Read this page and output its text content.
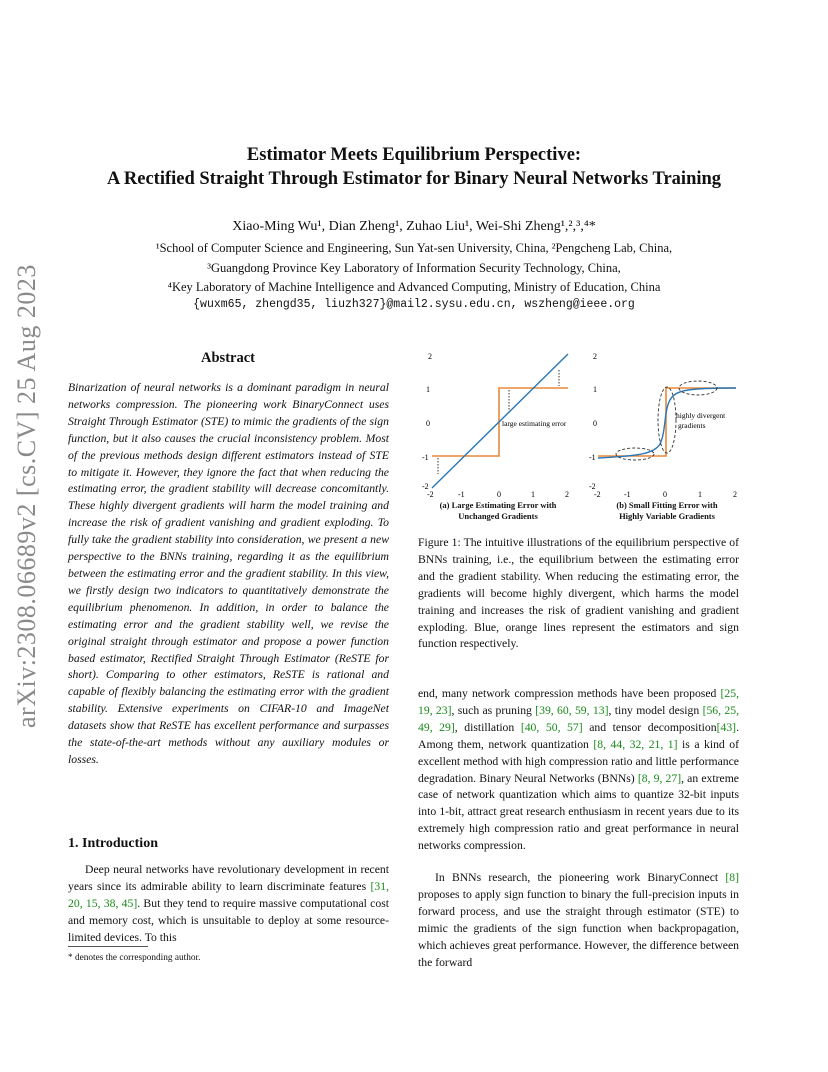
arXiv:2308.06689v2 [cs.CV] 25 Aug 2023
Estimator Meets Equilibrium Perspective:
A Rectified Straight Through Estimator for Binary Neural Networks Training
Xiao-Ming Wu¹, Dian Zheng¹, Zuhao Liu¹, Wei-Shi Zheng¹,²,³,⁴*
¹School of Computer Science and Engineering, Sun Yat-sen University, China, ²Pengcheng Lab, China,
³Guangdong Province Key Laboratory of Information Security Technology, China,
⁴Key Laboratory of Machine Intelligence and Advanced Computing, Ministry of Education, China
{wuxm65, zhengd35, liuzh327}@mail2.sysu.edu.cn, wszheng@ieee.org
Abstract
Binarization of neural networks is a dominant paradigm in neural networks compression. The pioneering work BinaryConnect uses Straight Through Estimator (STE) to mimic the gradients of the sign function, but it also causes the crucial inconsistency problem. Most of the previous methods design different estimators instead of STE to mitigate it. However, they ignore the fact that when reducing the estimating error, the gradient stability will decrease concomitantly. These highly divergent gradients will harm the model training and increase the risk of gradient vanishing and gradient exploding. To fully take the gradient stability into consideration, we present a new perspective to the BNNs training, regarding it as the equilibrium between the estimating error and the gradient stability. In this view, we firstly design two indicators to quantitatively demonstrate the equilibrium phenomenon. In addition, in order to balance the estimating error and the gradient stability well, we revise the original straight through estimator and propose a power function based estimator, Rectified Straight Through Estimator (ReSTE for short). Comparing to other estimators, ReSTE is rational and capable of flexibly balancing the estimating error with the gradient stability. Extensive experiments on CIFAR-10 and ImageNet datasets show that ReSTE has excellent performance and surpasses the state-of-the-art methods without any auxiliary modules or losses.
1. Introduction

Deep neural networks have revolutionary development in recent years since its admirable ability to learn discriminate features [31, 20, 15, 38, 45]. But they tend to require massive computational cost and memory cost, which is unsuitable to deploy at some resource-limited devices. To this

* denotes the corresponding author.
2
1
0
-1
-2
large estimating error
-2	-1	0	1	2
2
1
0
-1
-2
highly divergent
gradients
-2	-1	0	1	2
(a) Large Estimating Error with
Unchanged Gradients
(b) Small Fitting Error with
Highly Variable Gradients

Figure 1: The intuitive illustrations of the equilibrium perspective of BNNs training, i.e., the equilibrium between the estimating error and the gradient stability. When reducing the estimating error, the gradients will become highly divergent, which harms the model training and increases the risk of gradient vanishing and gradient exploding. Blue, orange lines represent the estimators and sign function respectively.

end, many network compression methods have been proposed [25, 19, 23], such as pruning [39, 60, 59, 13], tiny model design [56, 25, 49, 29], distillation [40, 50, 57] and tensor decomposition[43]. Among them, network quantization [8, 44, 32, 21, 1] is a kind of excellent method with high compression ratio and little performance degradation. Binary Neural Networks (BNNs) [8, 9, 27], an extreme case of network quantization which aims to quantize 32-bit inputs into 1-bit, attract great research enthusiasm in recent years due to its extremely high compression ratio and great performance in neural networks compression.

In BNNs research, the pioneering work BinaryConnect [8] proposes to apply sign function to binary the full-precision inputs in forward process, and use the straight through estimator (STE) to mimic the gradients of the sign function when backpropagation, which achieves great performance. However, the difference between the forward
